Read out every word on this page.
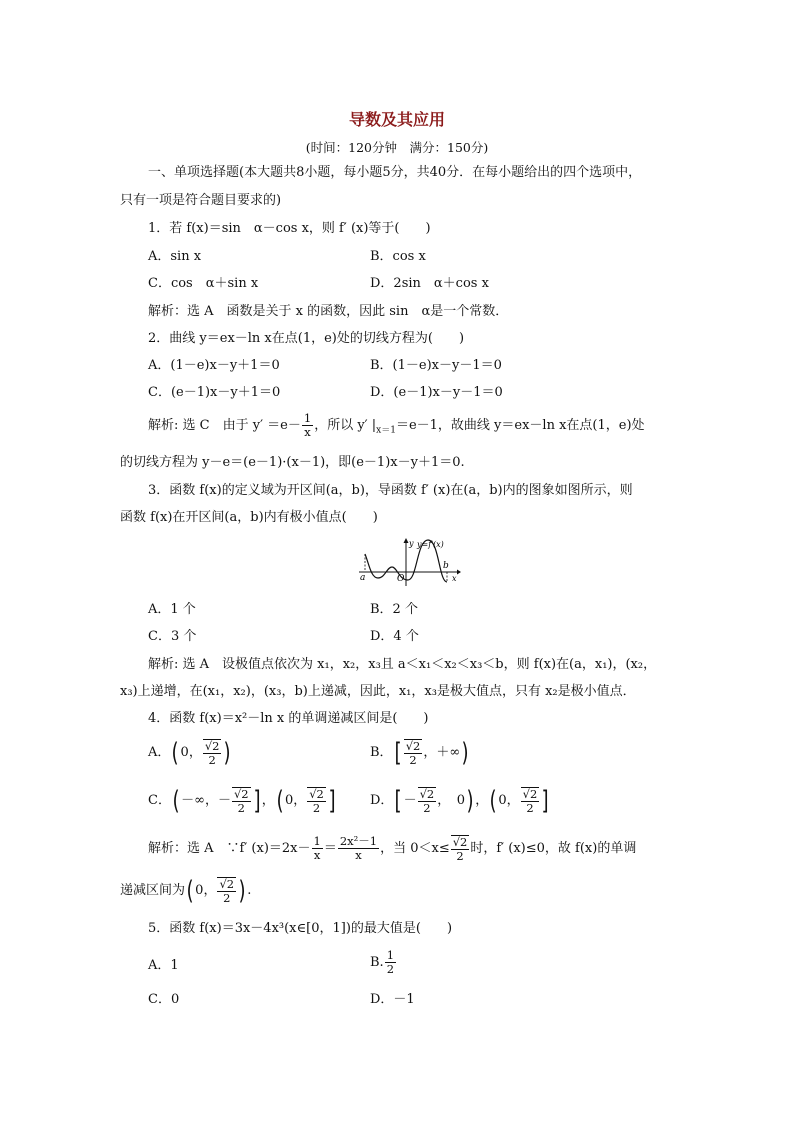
导数及其应用
(时间：120分钟　满分：150分)
一、单项选择题(本大题共8小题，每小题5分，共40分．在每小题给出的四个选项中，
只有一项是符合题目要求的)
1．若 f(x)＝sin　α－cos x，则 f′ (x)等于(　　)
A．sin x	B．cos x
C．cos　α＋sin x	D．2sin　α＋cos x
解析：选 A　函数是关于 x 的函数，因此 sin　α是一个常数．
2．曲线 y＝ex－ln x在点(1，e)处的切线方程为(　　)
A．(1－e)x－y＋1＝0	B．(1－e)x－y－1＝0
C．(e－1)x－y＋1＝0	D．(e－1)x－y－1＝0
解析: 选 C　由于 $y' =e- \frac{1}{x}$ ，所以 y′ $|_{x=1}=e-1$，故曲线 y＝ex－ln x在点(1，e)处
的切线方程为 y－e＝(e－1)·(x－1)，即(e－1)x－y＋1＝0.
3．函数 f(x)的定义域为开区间(a，b)，导函数 f′ (x)在(a，b)内的图象如图所示，则
函数 f(x)在开区间(a，b)内有极小值点(　　)
a
b
O
y y=f′(x)
x
A．1 个	B．2 个
C．3 个	D．4 个
解析: 选 A　设极值点依次为 x₁，x₂，x₃且 a＜x₁＜x₂＜x₃＜b，则 f(x)在(a，x₁)，(x₂，
x₃)上递增，在(x₁，x₂)，(x₃，b)上递减，因此，x₁，x₃是极大值点，只有 x₂是极小值点．
4．函数 f(x)＝x²－ln x 的单调递减区间是(　　)
A．( 0， $\frac{√2}{2}$ )	B．[ $\frac{√2}{2}$ ，＋∞)
C．( －∞，－ $\frac{√2}{2}$ ] ，( 0， $\frac{√2}{2}$ ]	D．[ － $\frac{√2}{2}$ ，　0) ，( 0， $\frac{√2}{2}$ ]
解析：选 A　∵f′ $(x)=2x- \frac{1}{x} = \frac{\text{2x²－1}}{x}$ ，当 $0<x\le \frac{√2}{2}$ 时，f′ (x)≤0，故 f(x)的单调
递减区间为( 0， $\frac{√2}{2}$ ) .
5．函数 f(x)＝3x－4x³(x∈[0，1])的最大值是(　　)
A．1	B. $\frac{1}{2}$
C．0	D．－1
